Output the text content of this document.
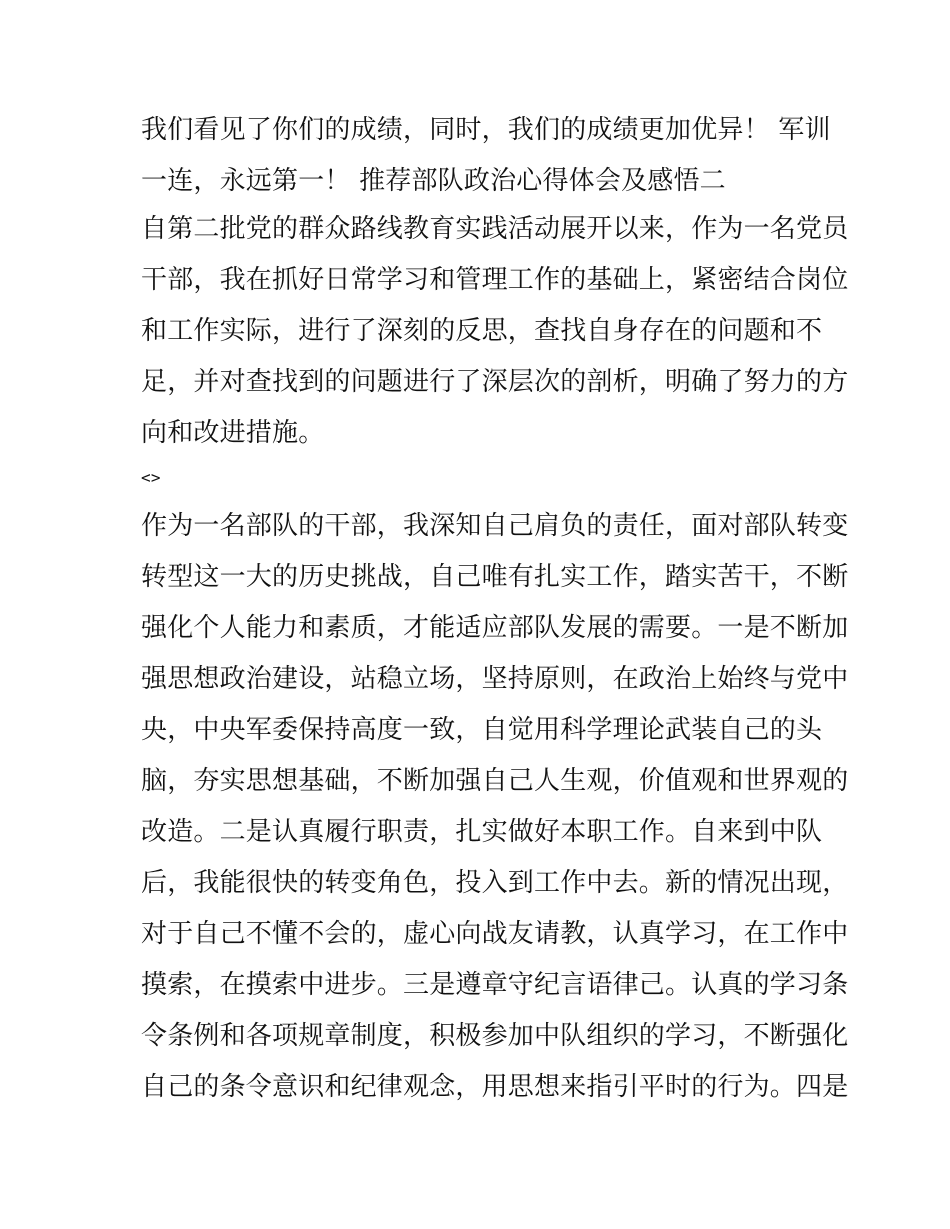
我们看见了你们的成绩，同时，我们的成绩更加优异！ 军训
一连，永远第一！ 推荐部队政治心得体会及感悟二
自第二批党的群众路线教育实践活动展开以来，作为一名党员
干部，我在抓好日常学习和管理工作的基础上，紧密结合岗位
和工作实际，进行了深刻的反思，查找自身存在的问题和不
足，并对查找到的问题进行了深层次的剖析，明确了努力的方
向和改进措施。
<>
作为一名部队的干部，我深知自己肩负的责任，面对部队转变
转型这一大的历史挑战，自己唯有扎实工作，踏实苦干，不断
强化个人能力和素质，才能适应部队发展的需要。一是不断加
强思想政治建设，站稳立场，坚持原则，在政治上始终与党中
央，中央军委保持高度一致，自觉用科学理论武装自己的头
脑，夯实思想基础，不断加强自己人生观，价值观和世界观的
改造。二是认真履行职责，扎实做好本职工作。自来到中队
后，我能很快的转变角色，投入到工作中去。新的情况出现，
对于自己不懂不会的，虚心向战友请教，认真学习，在工作中
摸索，在摸索中进步。三是遵章守纪言语律己。认真的学习条
令条例和各项规章制度，积极参加中队组织的学习，不断强化
自己的条令意识和纪律观念，用思想来指引平时的行为。四是
